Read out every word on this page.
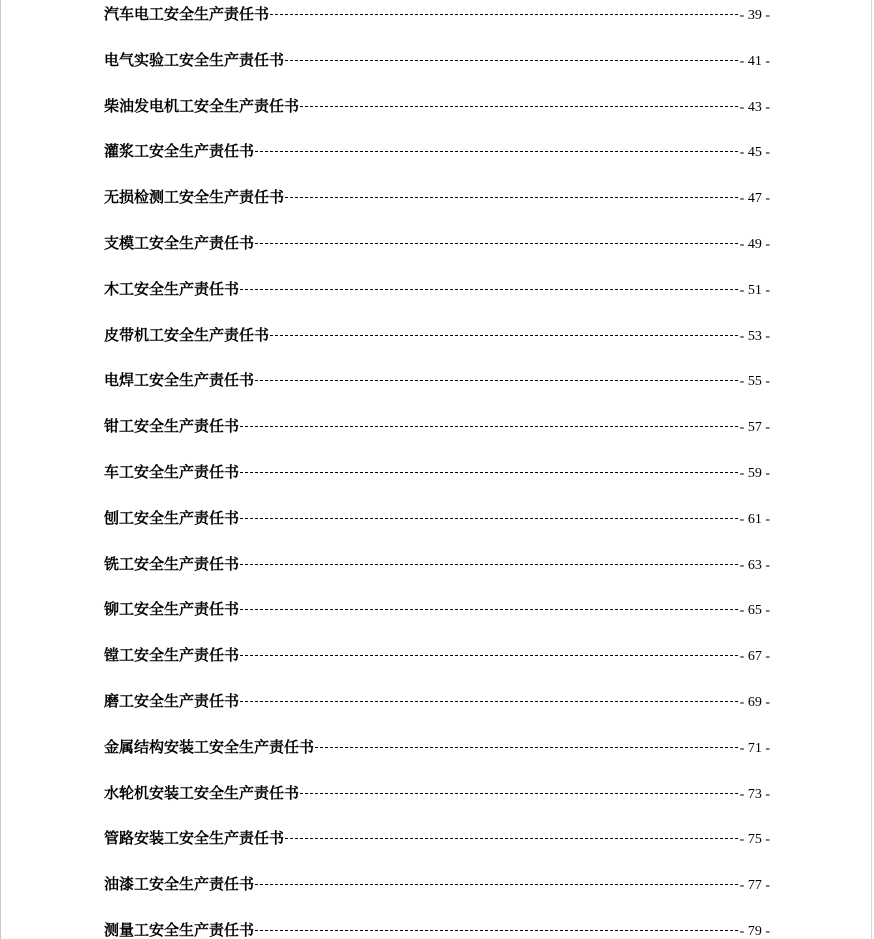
汽车电工安全生产责任书	- 39 -
电气实验工安全生产责任书	- 41 -
柴油发电机工安全生产责任书	- 43 -
灌浆工安全生产责任书	- 45 -
无损检测工安全生产责任书	- 47 -
支模工安全生产责任书	- 49 -
木工安全生产责任书	- 51 -
皮带机工安全生产责任书	- 53 -
电焊工安全生产责任书	- 55 -
钳工安全生产责任书	- 57 -
车工安全生产责任书	- 59 -
刨工安全生产责任书	- 61 -
铣工安全生产责任书	- 63 -
铆工安全生产责任书	- 65 -
镗工安全生产责任书	- 67 -
磨工安全生产责任书	- 69 -
金属结构安装工安全生产责任书	- 71 -
水轮机安装工安全生产责任书	- 73 -
管路安装工安全生产责任书	- 75 -
油漆工安全生产责任书	- 77 -
测量工安全生产责任书	- 79 -
